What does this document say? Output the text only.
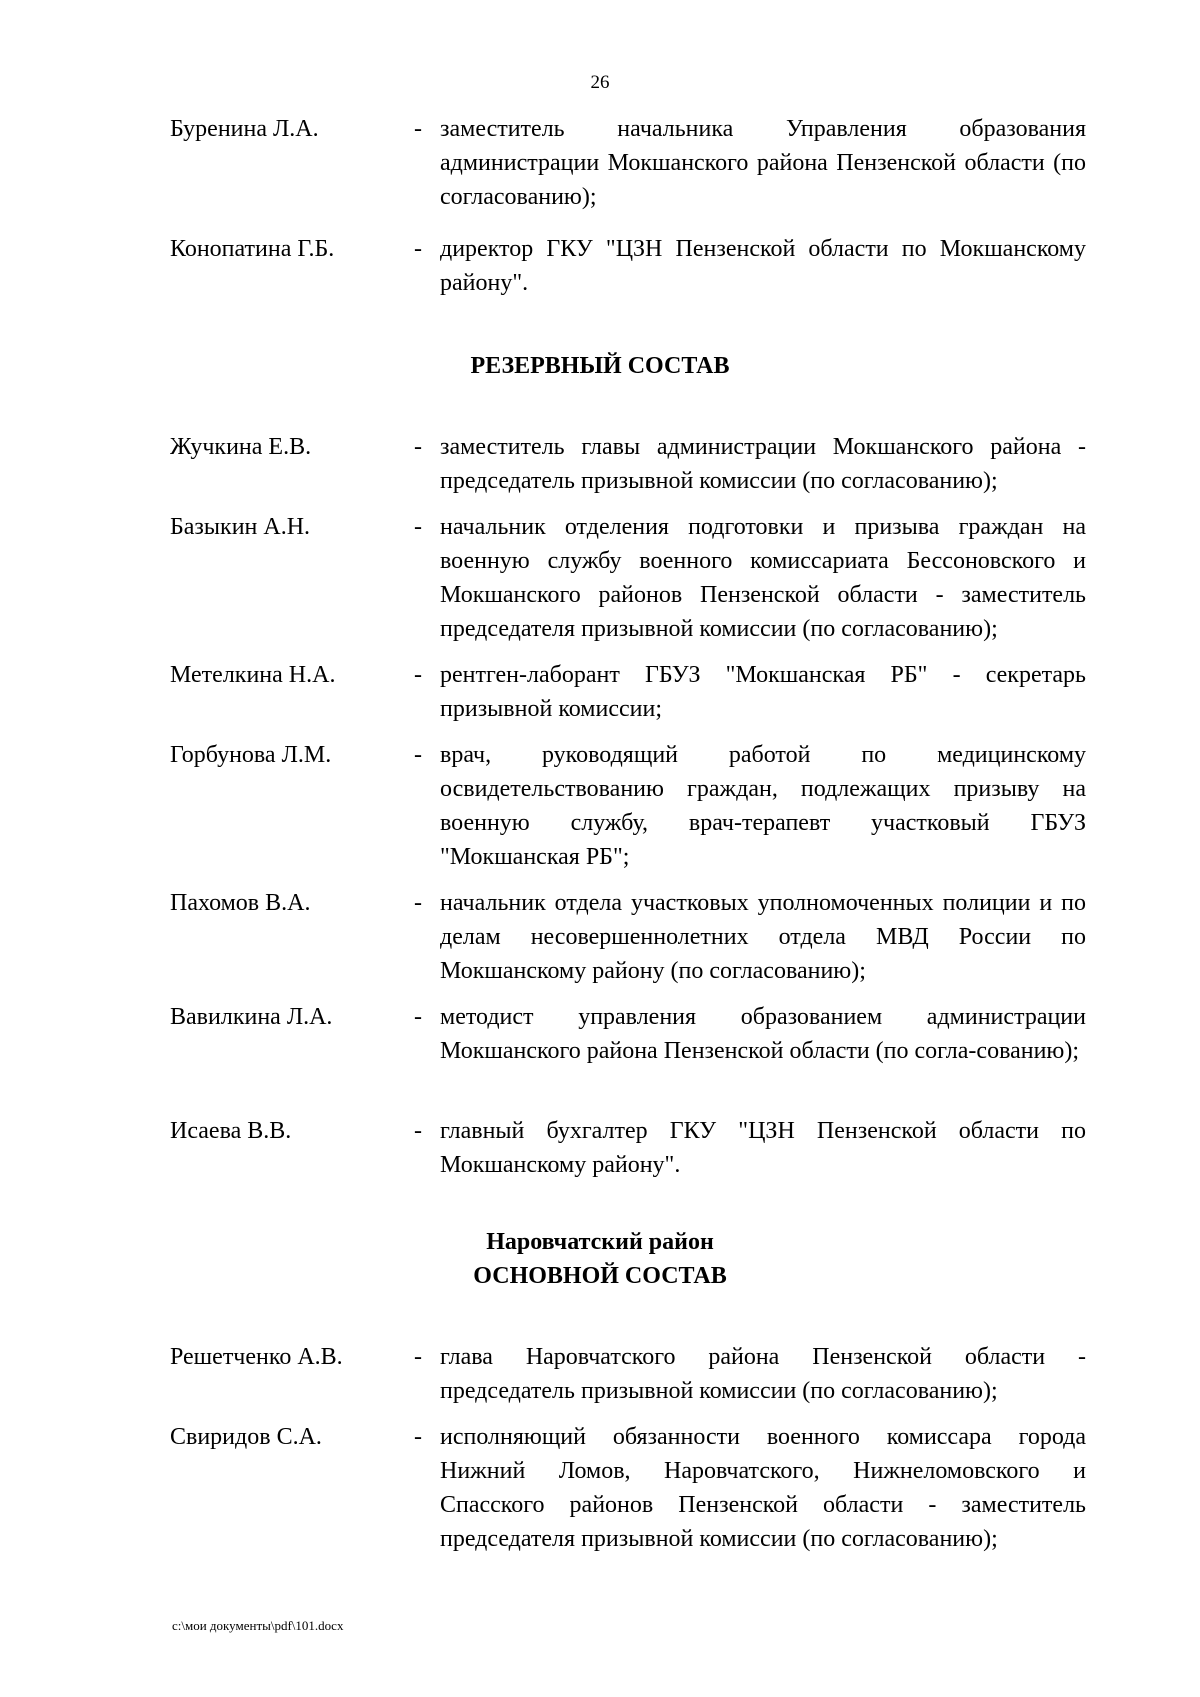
26
Буренина Л.А.	- заместитель начальника Управления образования администрации Мокшанского района Пензенской области (по согласованию);
Конопатина Г.Б.	- директор ГКУ "ЦЗН Пензенской области по Мокшанскому району".
РЕЗЕРВНЫЙ СОСТАВ
Жучкина Е.В.	- заместитель главы администрации Мокшанского района - председатель призывной комиссии (по согласованию);
Базыкин А.Н.	- начальник отделения подготовки и призыва граждан на военную службу военного комиссариата Бессоновского и Мокшанского районов Пензенской области - заместитель председателя призывной комиссии (по согласованию);
Метелкина Н.А.	- рентген-лаборант ГБУЗ "Мокшанская РБ" - секретарь призывной комиссии;
Горбунова Л.М.	- врач, руководящий работой по медицинскому освидетельствованию граждан, подлежащих призыву на военную службу, врач-терапевт участковый ГБУЗ "Мокшанская РБ";
Пахомов В.А.	- начальник отдела участковых уполномоченных полиции и по делам несовершеннолетних отдела МВД России по Мокшанскому району (по согласованию);
Вавилкина Л.А.	- методист управления образованием администрации Мокшанского района Пензенской области (по согла-сованию);
Исаева В.В.	- главный бухгалтер ГКУ "ЦЗН Пензенской области по Мокшанскому району".
Наровчатский район
ОСНОВНОЙ СОСТАВ
Решетченко А.В.	- глава Наровчатского района Пензенской области - председатель призывной комиссии (по согласованию);
Свиридов С.А.	- исполняющий обязанности военного комиссара города Нижний Ломов, Наровчатского, Нижнеломовского и Спасского районов Пензенской области - заместитель председателя призывной комиссии (по согласованию);
c:\мои документы\pdf\101.docx
